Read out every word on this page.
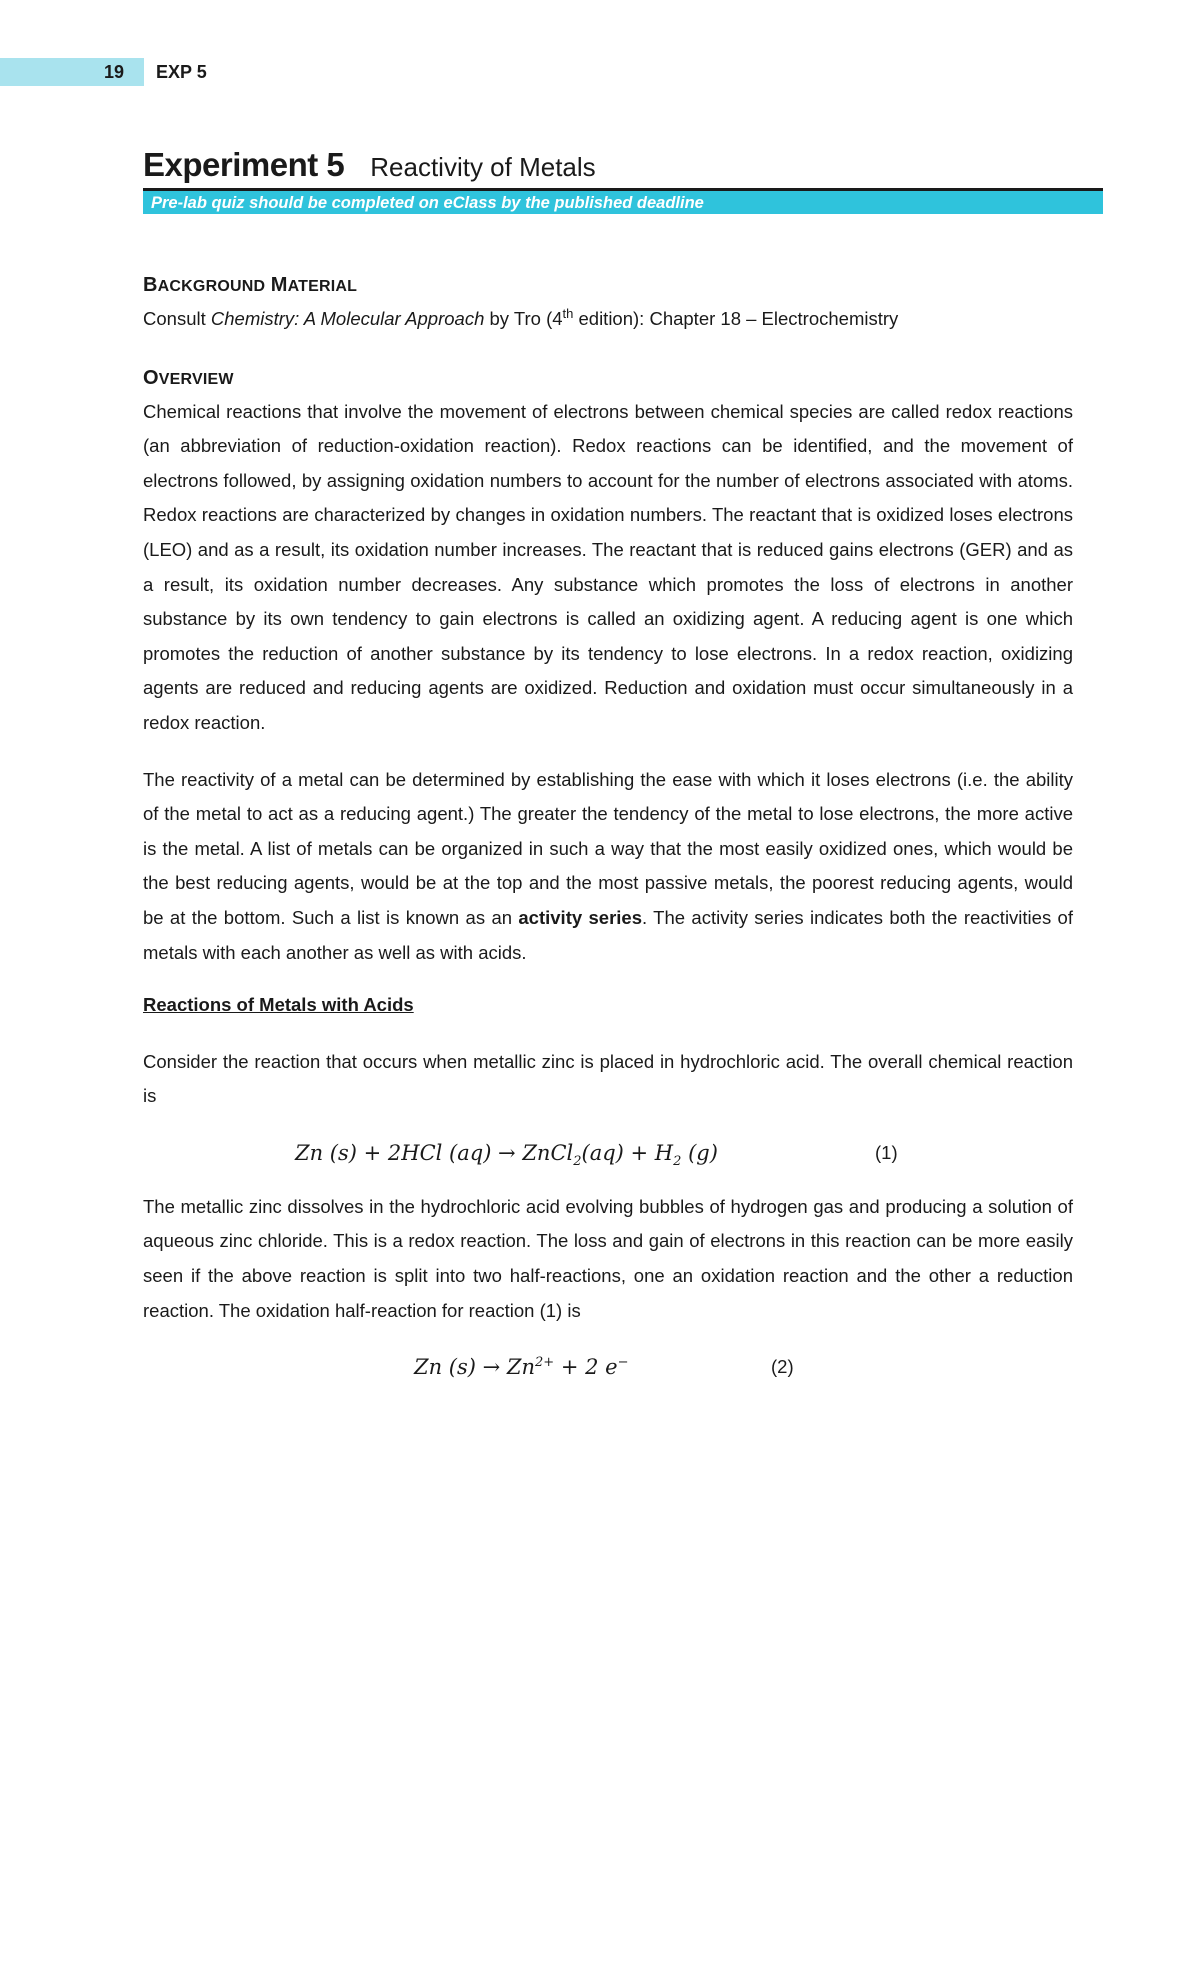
19	EXP 5
Experiment 5 Reactivity of Metals
Pre-lab quiz should be completed on eClass by the published deadline
BACKGROUND MATERIAL

Consult Chemistry: A Molecular Approach by Tro (4th edition): Chapter 18 – Electrochemistry

OVERVIEW

Chemical reactions that involve the movement of electrons between chemical species are called redox reactions (an abbreviation of reduction-oxidation reaction). Redox reactions can be identified, and the movement of electrons followed, by assigning oxidation numbers to account for the number of electrons associated with atoms. Redox reactions are characterized by changes in oxidation numbers. The reactant that is oxidized loses electrons (LEO) and as a result, its oxidation number increases. The reactant that is reduced gains electrons (GER) and as a result, its oxidation number decreases. Any substance which promotes the loss of electrons in another substance by its own tendency to gain electrons is called an oxidizing agent. A reducing agent is one which promotes the reduction of another substance by its tendency to lose electrons. In a redox reaction, oxidizing agents are reduced and reducing agents are oxidized. Reduction and oxidation must occur simultaneously in a redox reaction.

The reactivity of a metal can be determined by establishing the ease with which it loses electrons (i.e. the ability of the metal to act as a reducing agent.) The greater the tendency of the metal to lose electrons, the more active is the metal. A list of metals can be organized in such a way that the most easily oxidized ones, which would be the best reducing agents, would be at the top and the most passive metals, the poorest reducing agents, would be at the bottom. Such a list is known as an activity series. The activity series indicates both the reactivities of metals with each another as well as with acids.

Reactions of Metals with Acids

Consider the reaction that occurs when metallic zinc is placed in hydrochloric acid. The overall chemical reaction is

Zn (s) + 2HCl (aq) → ZnCl$_2$(aq) + $H_2$ (g)	(1)

The metallic zinc dissolves in the hydrochloric acid evolving bubbles of hydrogen gas and producing a solution of aqueous zinc chloride. This is a redox reaction. The loss and gain of electrons in this reaction can be more easily seen if the above reaction is split into two half-reactions, one an oxidation reaction and the other a reduction reaction. The oxidation half-reaction for reaction (1) is

Zn $(s) \to Zn^{2+} + 2$ e−	(2)
